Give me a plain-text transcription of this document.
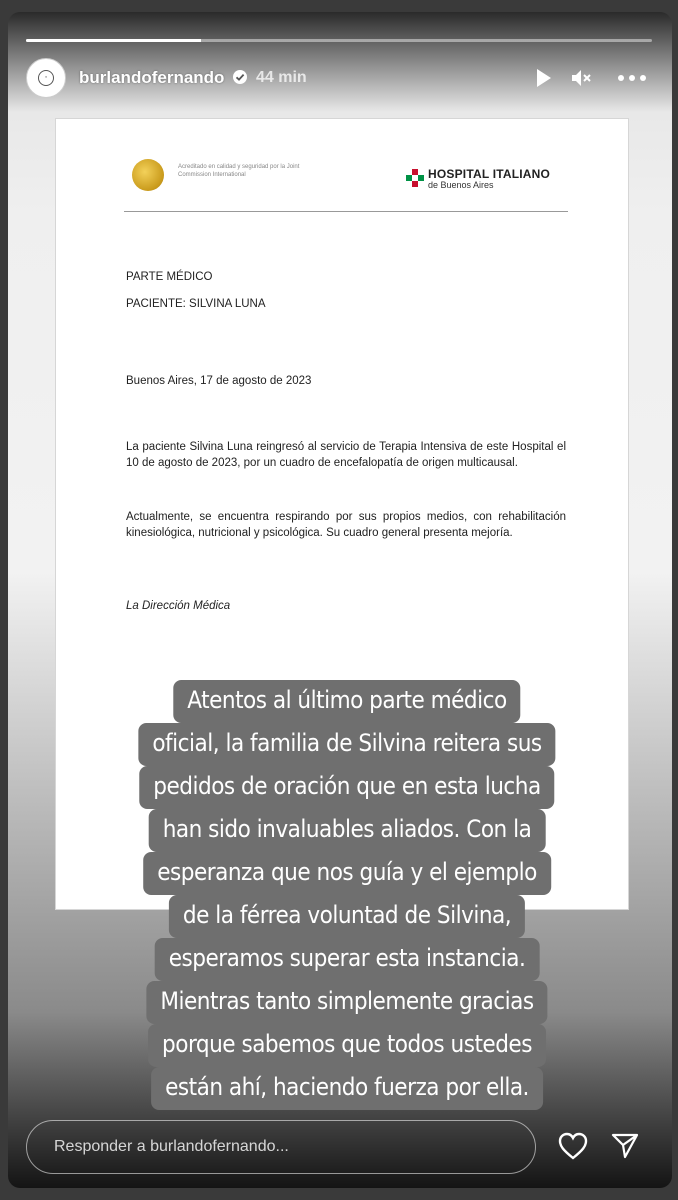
◦	burlandofernando 44 min
Acreditado en calidad y seguridad por la Joint Commission International	HOSPITAL ITALIANO
de Buenos Aires
PARTE MÉDICO
PACIENTE: SILVINA LUNA
Buenos Aires, 17 de agosto de 2023
La paciente Silvina Luna reingresó al servicio de Terapia Intensiva de este Hospital el 10 de agosto de 2023, por un cuadro de encefalopatía de origen multicausal.
Actualmente, se encuentra respirando por sus propios medios, con rehabilitación kinesiológica, nutricional y psicológica. Su cuadro general presenta mejoría.
La Dirección Médica
Atentos al último parte médico
oficial, la familia de Silvina reitera sus
pedidos de oración que en esta lucha
han sido invaluables aliados. Con la
esperanza que nos guía y el ejemplo
de la férrea voluntad de Silvina,
esperamos superar esta instancia.
Mientras tanto simplemente gracias
porque sabemos que todos ustedes
están ahí, haciendo fuerza por ella.
Responder a burlandofernando...
